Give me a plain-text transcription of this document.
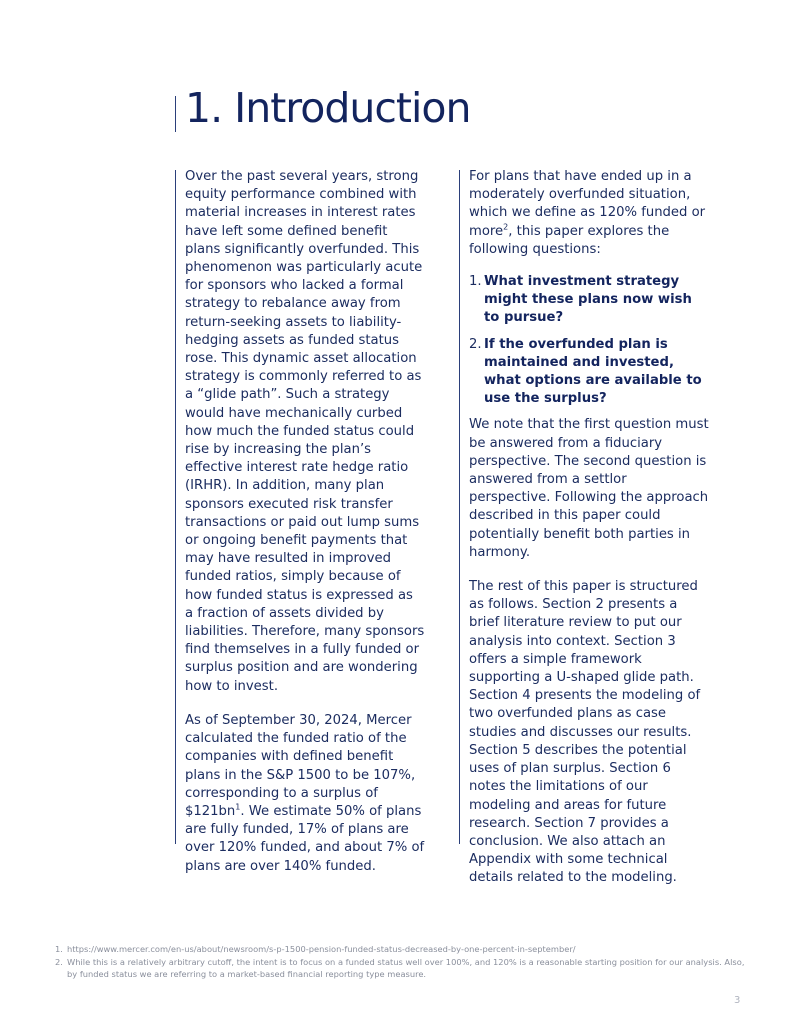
1. Introduction

Over the past several years, strong equity performance combined with material increases in interest rates have left some defined benefit plans significantly overfunded. This phenomenon was particularly acute for sponsors who lacked a formal strategy to rebalance away from return-seeking assets to liability-hedging assets as funded status rose. This dynamic asset allocation strategy is commonly referred to as a “glide path”. Such a strategy would have mechanically curbed how much the funded status could rise by increasing the plan’s effective interest rate hedge ratio (IRHR). In addition, many plan sponsors executed risk transfer transactions or paid out lump sums or ongoing benefit payments that may have resulted in improved funded ratios, simply because of how funded status is expressed as a fraction of assets divided by liabilities. Therefore, many sponsors find themselves in a fully funded or surplus position and are wondering how to invest.

As of September 30, 2024, Mercer calculated the funded ratio of the companies with defined benefit plans in the S&P 1500 to be 107%, corresponding to a surplus of $\$121bn^1$. We estimate 50% of plans are fully funded, 17% of plans are over 120% funded, and about 7% of plans are over 140% funded.

For plans that have ended up in a moderately overfunded situation, which we define as 120% funded or more$^2$, this paper explores the following questions:

1. What investment strategy might these plans now wish to pursue?
2. If the overfunded plan is maintained and invested, what options are available to use the surplus?

We note that the first question must be answered from a fiduciary perspective. The second question is answered from a settlor perspective. Following the approach described in this paper could potentially benefit both parties in harmony.

The rest of this paper is structured as follows. Section 2 presents a brief literature review to put our analysis into context. Section 3 offers a simple framework supporting a U-shaped glide path. Section 4 presents the modeling of two overfunded plans as case studies and discusses our results. Section 5 describes the potential uses of plan surplus. Section 6 notes the limitations of our modeling and areas for future research. Section 7 provides a conclusion. We also attach an Appendix with some technical details related to the modeling.

1. https://www.mercer.com/en-us/about/newsroom/s-p-1500-pension-funded-status-decreased-by-one-percent-in-september/
2. While this is a relatively arbitrary cutoff, the intent is to focus on a funded status well over 100%, and 120% is a reasonable starting position for our analysis. Also, by funded status we are referring to a market-based financial reporting type measure.
3
